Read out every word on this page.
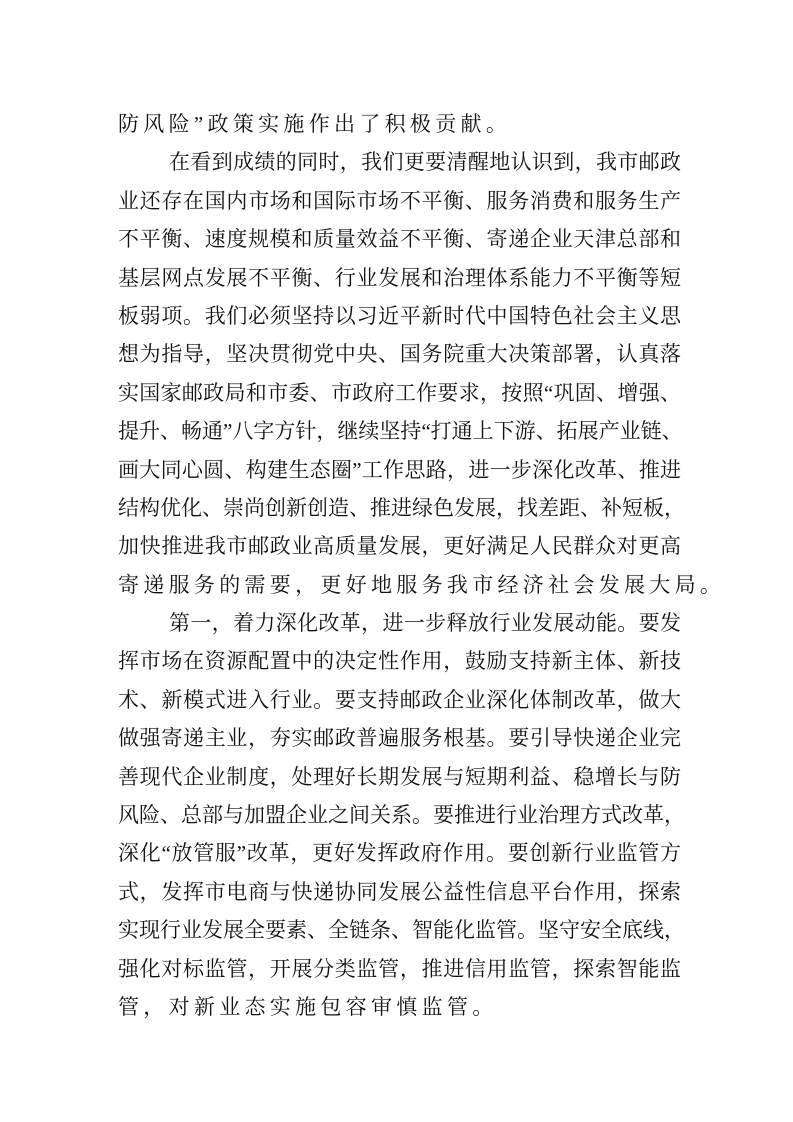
防风险”政策实施作出了积极贡献。
在看到成绩的同时，我们更要清醒地认识到，我市邮政
业还存在国内市场和国际市场不平衡、服务消费和服务生产
不平衡、速度规模和质量效益不平衡、寄递企业天津总部和
基层网点发展不平衡、行业发展和治理体系能力不平衡等短
板弱项。我们必须坚持以习近平新时代中国特色社会主义思
想为指导，坚决贯彻党中央、国务院重大决策部署，认真落
实国家邮政局和市委、市政府工作要求，按照“巩固、增强、
提升、畅通”八字方针，继续坚持“打通上下游、拓展产业链、
画大同心圆、构建生态圈”工作思路，进一步深化改革、推进
结构优化、崇尚创新创造、推进绿色发展，找差距、补短板，
加快推进我市邮政业高质量发展，更好满足人民群众对更高
寄递服务的需要，更好地服务我市经济社会发展大局。
第一，着力深化改革，进一步释放行业发展动能。要发
挥市场在资源配置中的决定性作用，鼓励支持新主体、新技
术、新模式进入行业。要支持邮政企业深化体制改革，做大
做强寄递主业，夯实邮政普遍服务根基。要引导快递企业完
善现代企业制度，处理好长期发展与短期利益、稳增长与防
风险、总部与加盟企业之间关系。要推进行业治理方式改革，
深化“放管服”改革，更好发挥政府作用。要创新行业监管方
式，发挥市电商与快递协同发展公益性信息平台作用，探索
实现行业发展全要素、全链条、智能化监管。坚守安全底线，
强化对标监管，开展分类监管，推进信用监管，探索智能监
管，对新业态实施包容审慎监管。
